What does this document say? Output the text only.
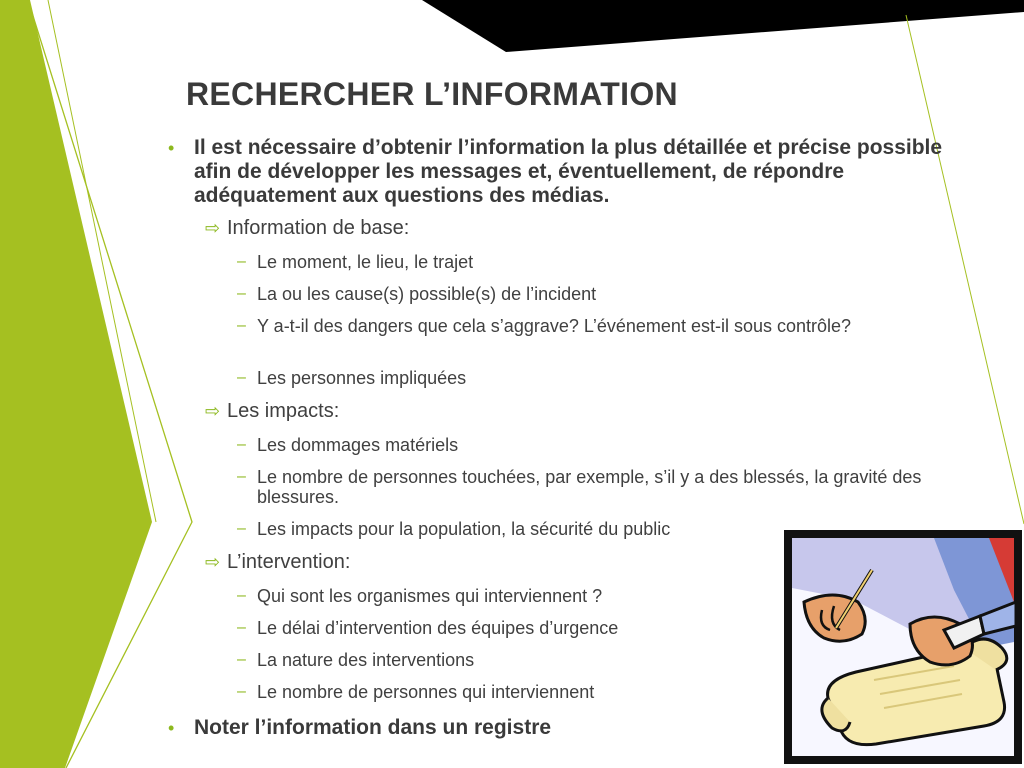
RECHERCHER L’INFORMATION
• Il est nécessaire d’obtenir l’information la plus détaillée et précise possible afin de développer les messages et, éventuellement, de répondre adéquatement aux questions des médias.
⇨ Information de base:
– Le moment, le lieu, le trajet
– La ou les cause(s) possible(s) de l’incident
– Y a-t-il des dangers que cela s’aggrave? L’événement est-il sous contrôle?
– Les personnes impliquées
⇨ Les impacts:
– Les dommages matériels
– Le nombre de personnes touchées, par exemple, s’il y a des blessés, la gravité des blessures.
– Les impacts pour la population, la sécurité du public
⇨ L’intervention:
– Qui sont les organismes qui interviennent ?
– Le délai d’intervention des équipes d’urgence
– La nature des interventions
– Le nombre de personnes qui interviennent
• Noter l’information dans un registre
